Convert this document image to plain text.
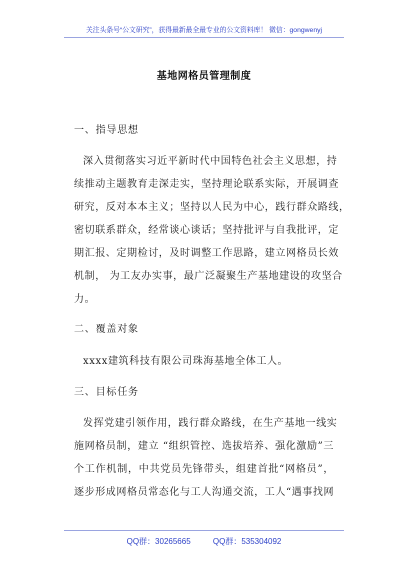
关注头条号“公文研究”，获得最新最全最专业的公文资料库！ 微信：gongwenyj
基地网格员管理制度
一、指导思想
深入贯彻落实习近平新时代中国特色社会主义思想，持
续推动主题教育走深走实，坚持理论联系实际，开展调查
研究，反对本本主义；坚持以人民为中心，践行群众路线，
密切联系群众，经常谈心谈话；坚持批评与自我批评，定
期汇报、定期检讨，及时调整工作思路，建立网格员长效
机制， 为工友办实事，最广泛凝聚生产基地建设的攻坚合
力。
二、覆盖对象
xxxx建筑科技有限公司珠海基地全体工人。
三、目标任务
发挥党建引领作用，践行群众路线，在生产基地一线实
施网格员制，建立 “组织管控、选拔培养、强化激励”三
个工作机制，中共党员先锋带头，组建首批“网格员”，
逐步形成网格员常态化与工人沟通交流，工人“遇事找网
QQ群：30265665	QQ群：535304092
